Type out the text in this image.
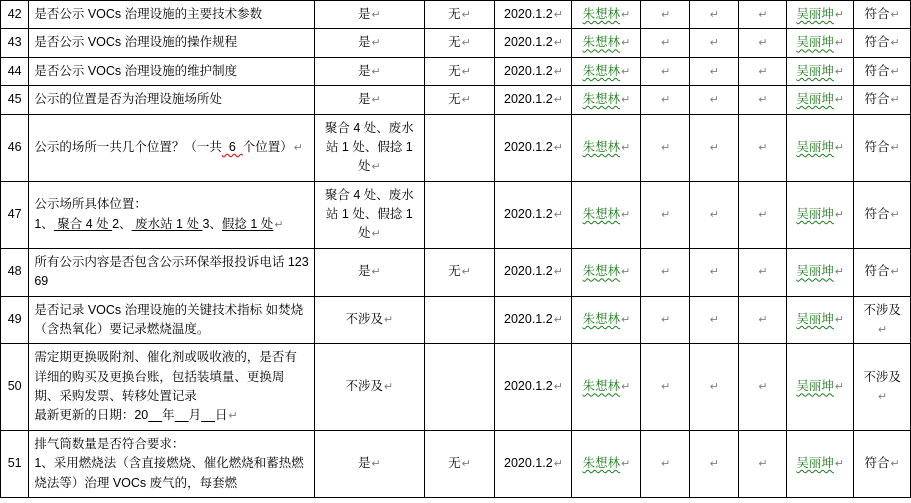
42	是否公示 VOCs 治理设施的主要技术参数	是↵	无↵	2020.1.2↵	朱想林↵	↵	↵	↵	吴丽坤↵	符合↵
43	是否公示 VOCs 治理设施的操作规程	是↵	无↵	2020.1.2↵	朱想林↵	↵	↵	↵	吴丽坤↵	符合↵
44	是否公示 VOCs 治理设施的维护制度	是↵	无↵	2020.1.2↵	朱想林↵	↵	↵	↵	吴丽坤↵	符合↵
45	公示的位置是否为治理设施场所处	是↵	无↵	2020.1.2↵	朱想林↵	↵	↵	↵	吴丽坤↵	符合↵
46	公示的场所一共几个位置？（一共  6  个位置）↵	聚合 4 处、废水站 1 处、假捻 1 处↵		2020.1.2↵	朱想林↵	↵	↵	↵	吴丽坤↵	符合↵
47	公示场所具体位置：
1、 聚合 4 处 2、 废水站 1 处 3、假捻 1 处↵	聚合 4 处、废水站 1 处、假捻 1 处↵		2020.1.2↵	朱想林↵	↵	↵	↵	吴丽坤↵	符合↵
48	所有公示内容是否包含公示环保举报投诉电话 12369	是↵	无↵	2020.1.2↵	朱想林↵	↵	↵	↵	吴丽坤↵	符合↵
49	是否记录 VOCs 治理设施的关键技术指标 如焚烧（含热氧化）要记录燃烧温度。	不涉及↵		2020.1.2↵	朱想林↵	↵	↵	↵	吴丽坤↵	不涉及↵
50	需定期更换吸附剂、催化剂或吸收液的，是否有详细的购买及更换台账，包括装填量、更换周期、采购发票、转移处置记录
最新更新的日期：20 年 月 日↵	不涉及↵		2020.1.2↵	朱想林↵	↵	↵	↵	吴丽坤↵	不涉及↵
51	排气筒数量是否符合要求：
1、采用燃烧法（含直接燃烧、催化燃烧和蓄热燃烧法等）治理 VOCs 废气的，每套燃	是↵	无↵	2020.1.2↵	朱想林↵	↵	↵	↵	吴丽坤↵	符合↵
